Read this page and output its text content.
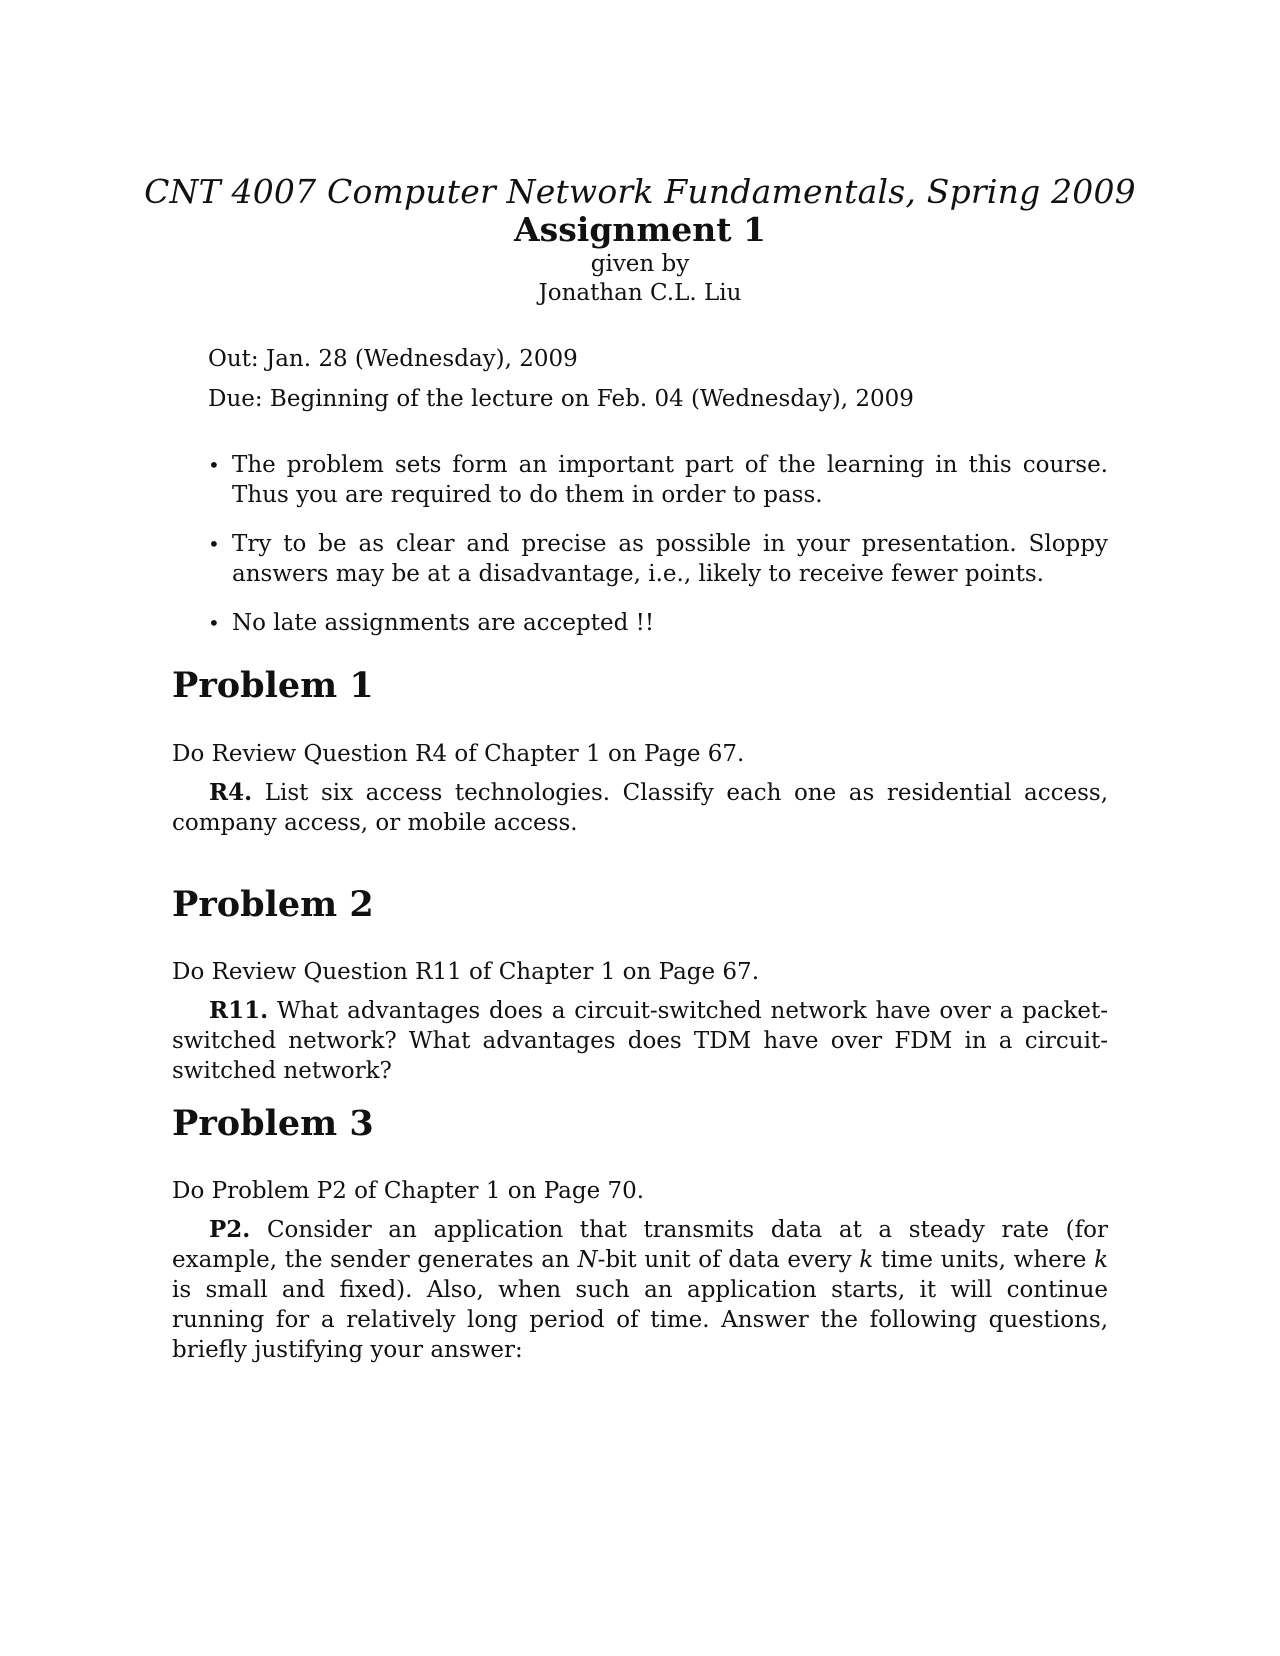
CNT 4007 Computer Network Fundamentals, Spring 2009
Assignment 1
given by
Jonathan C.L. Liu
Out: Jan. 28 (Wednesday), 2009
Due: Beginning of the lecture on Feb. 04 (Wednesday), 2009
• The problem sets form an important part of the learning in this course. Thus you are required to do them in order to pass.
• Try to be as clear and precise as possible in your presentation. Sloppy answers may be at a disadvantage, i.e., likely to receive fewer points.
• No late assignments are accepted !!
Problem 1
Do Review Question R4 of Chapter 1 on Page 67.
R4. List six access technologies. Classify each one as residential access, company access, or mobile access.
Problem 2
Do Review Question R11 of Chapter 1 on Page 67.
R11. What advantages does a circuit-switched network have over a packet-switched network? What advantages does TDM have over FDM in a circuit-switched network?
Problem 3
Do Problem P2 of Chapter 1 on Page 70.
P2. Consider an application that transmits data at a steady rate (for example, the sender generates an N-bit unit of data every k time units, where k is small and fixed). Also, when such an application starts, it will continue running for a relatively long period of time. Answer the following questions, briefly justifying your answer:
